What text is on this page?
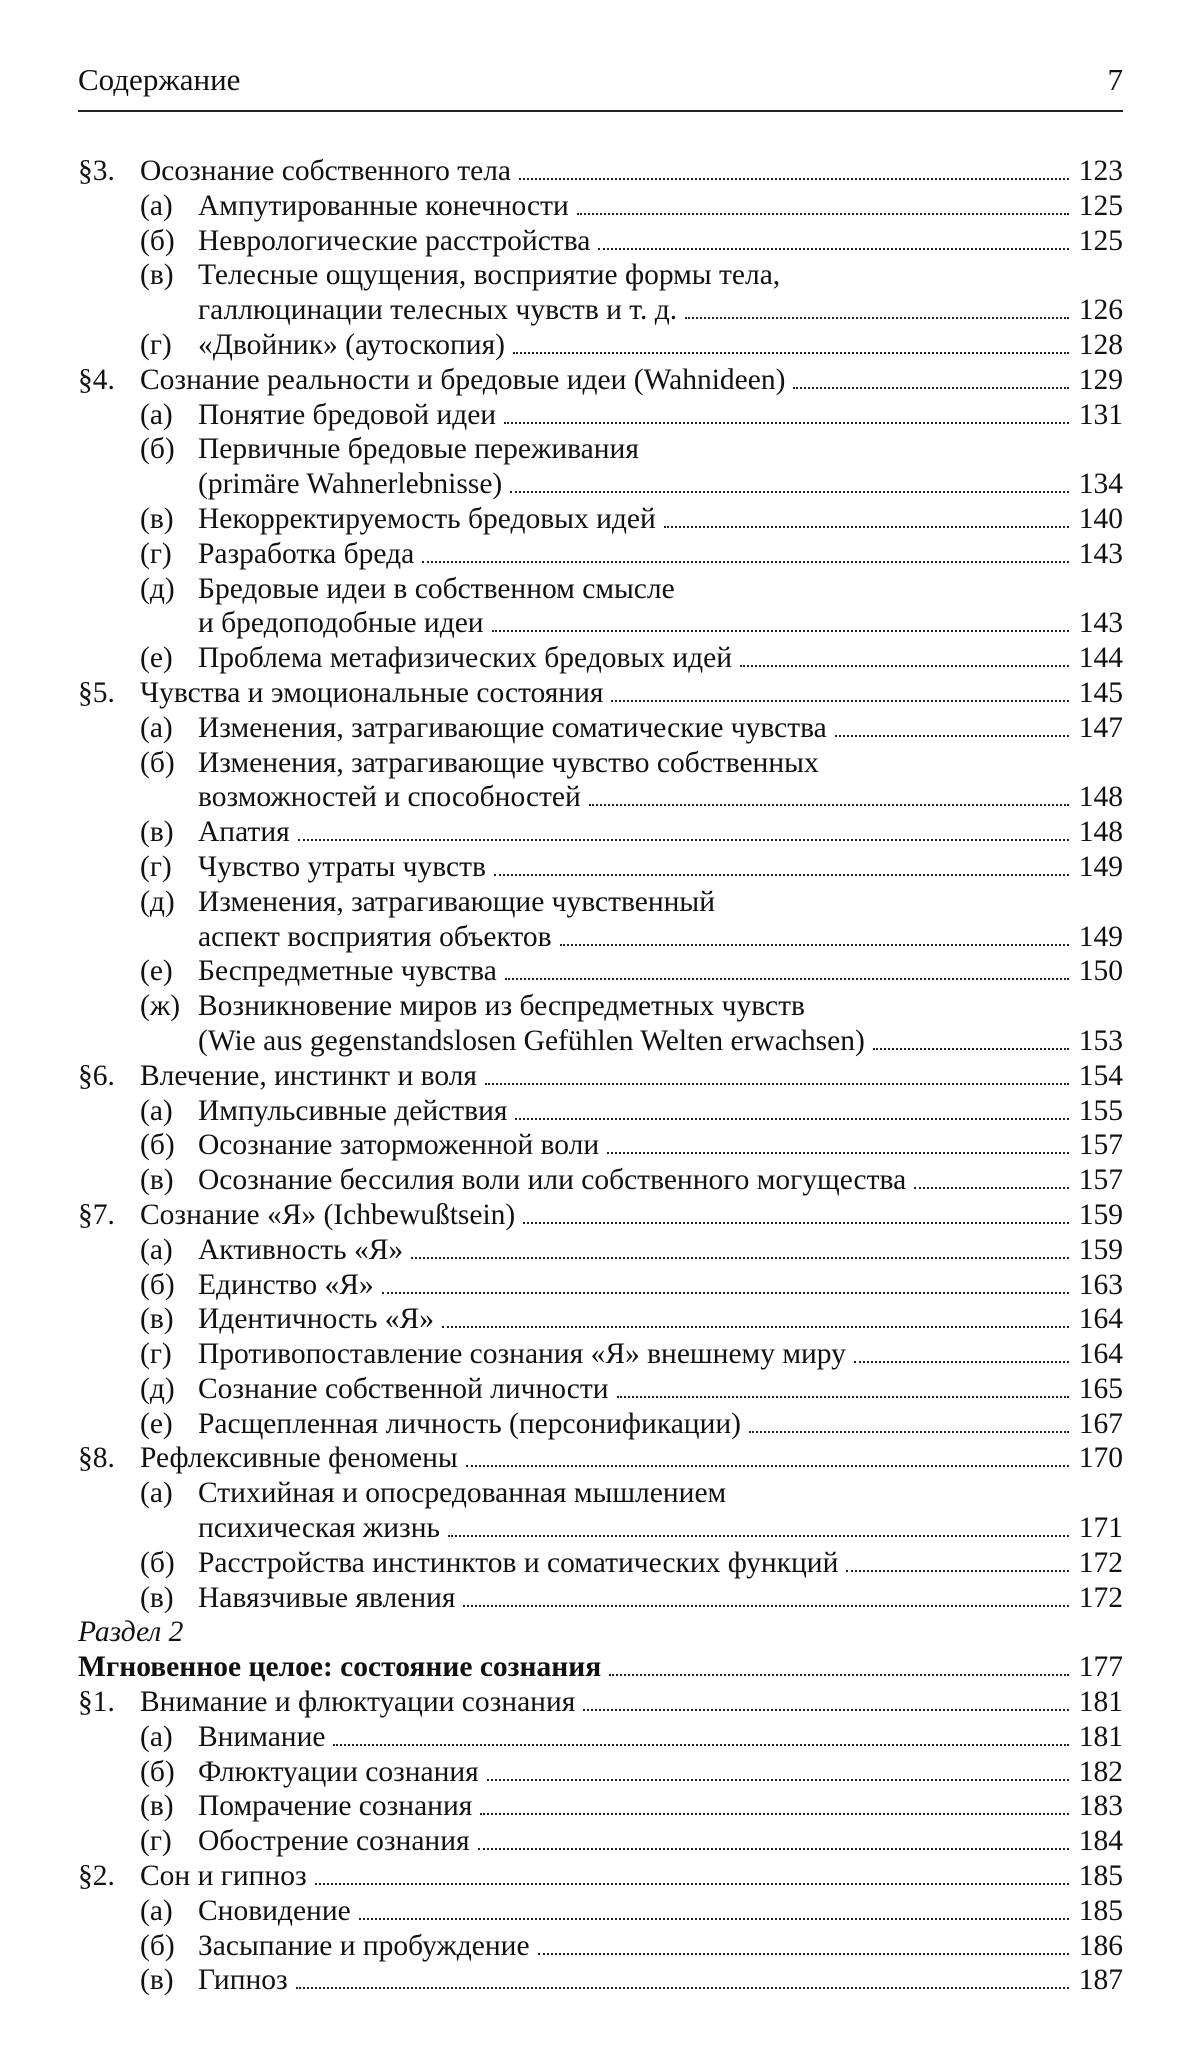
Содержание	7
§3. Осознание собственного тела	123
(а) Ампутированные конечности	125
(б) Неврологические расстройства	125
(в) Телесные ощущения, восприятие формы тела,
галлюцинации телесных чувств и т. д.	126
(г) «Двойник» (аутоскопия)	128
§4. Сознание реальности и бредовые идеи (Wahnideen)	129
(а) Понятие бредовой идеи	131
(б) Первичные бредовые переживания
(primäre Wahnerlebnisse)	134
(в) Некорректируемость бредовых идей	140
(г) Разработка бреда	143
(д) Бредовые идеи в собственном смысле
и бредоподобные идеи	143
(е) Проблема метафизических бредовых идей	144
§5. Чувства и эмоциональные состояния	145
(а) Изменения, затрагивающие соматические чувства	147
(б) Изменения, затрагивающие чувство собственных
возможностей и способностей	148
(в) Апатия	148
(г) Чувство утраты чувств	149
(д) Изменения, затрагивающие чувственный
аспект восприятия объектов	149
(е) Беспредметные чувства	150
(ж) Возникновение миров из беспредметных чувств
(Wie aus gegenstandslosen Gefühlen Welten erwachsen)	153
§6. Влечение, инстинкт и воля	154
(а) Импульсивные действия	155
(б) Осознание заторможенной воли	157
(в) Осознание бессилия воли или собственного могущества	157
§7. Сознание «Я» (Ichbewußtsein)	159
(а) Активность «Я»	159
(б) Единство «Я»	163
(в) Идентичность «Я»	164
(г) Противопоставление сознания «Я» внешнему миру	164
(д) Сознание собственной личности	165
(е) Расщепленная личность (персонификации)	167
§8. Рефлексивные феномены	170
(а) Стихийная и опосредованная мышлением
психическая жизнь	171
(б) Расстройства инстинктов и соматических функций	172
(в) Навязчивые явления	172
Раздел 2
Мгновенное целое: состояние сознания	177
§1. Внимание и флюктуации сознания	181
(а) Внимание	181
(б) Флюктуации сознания	182
(в) Помрачение сознания	183
(г) Обострение сознания	184
§2. Сон и гипноз	185
(а) Сновидение	185
(б) Засыпание и пробуждение	186
(в) Гипноз	187
